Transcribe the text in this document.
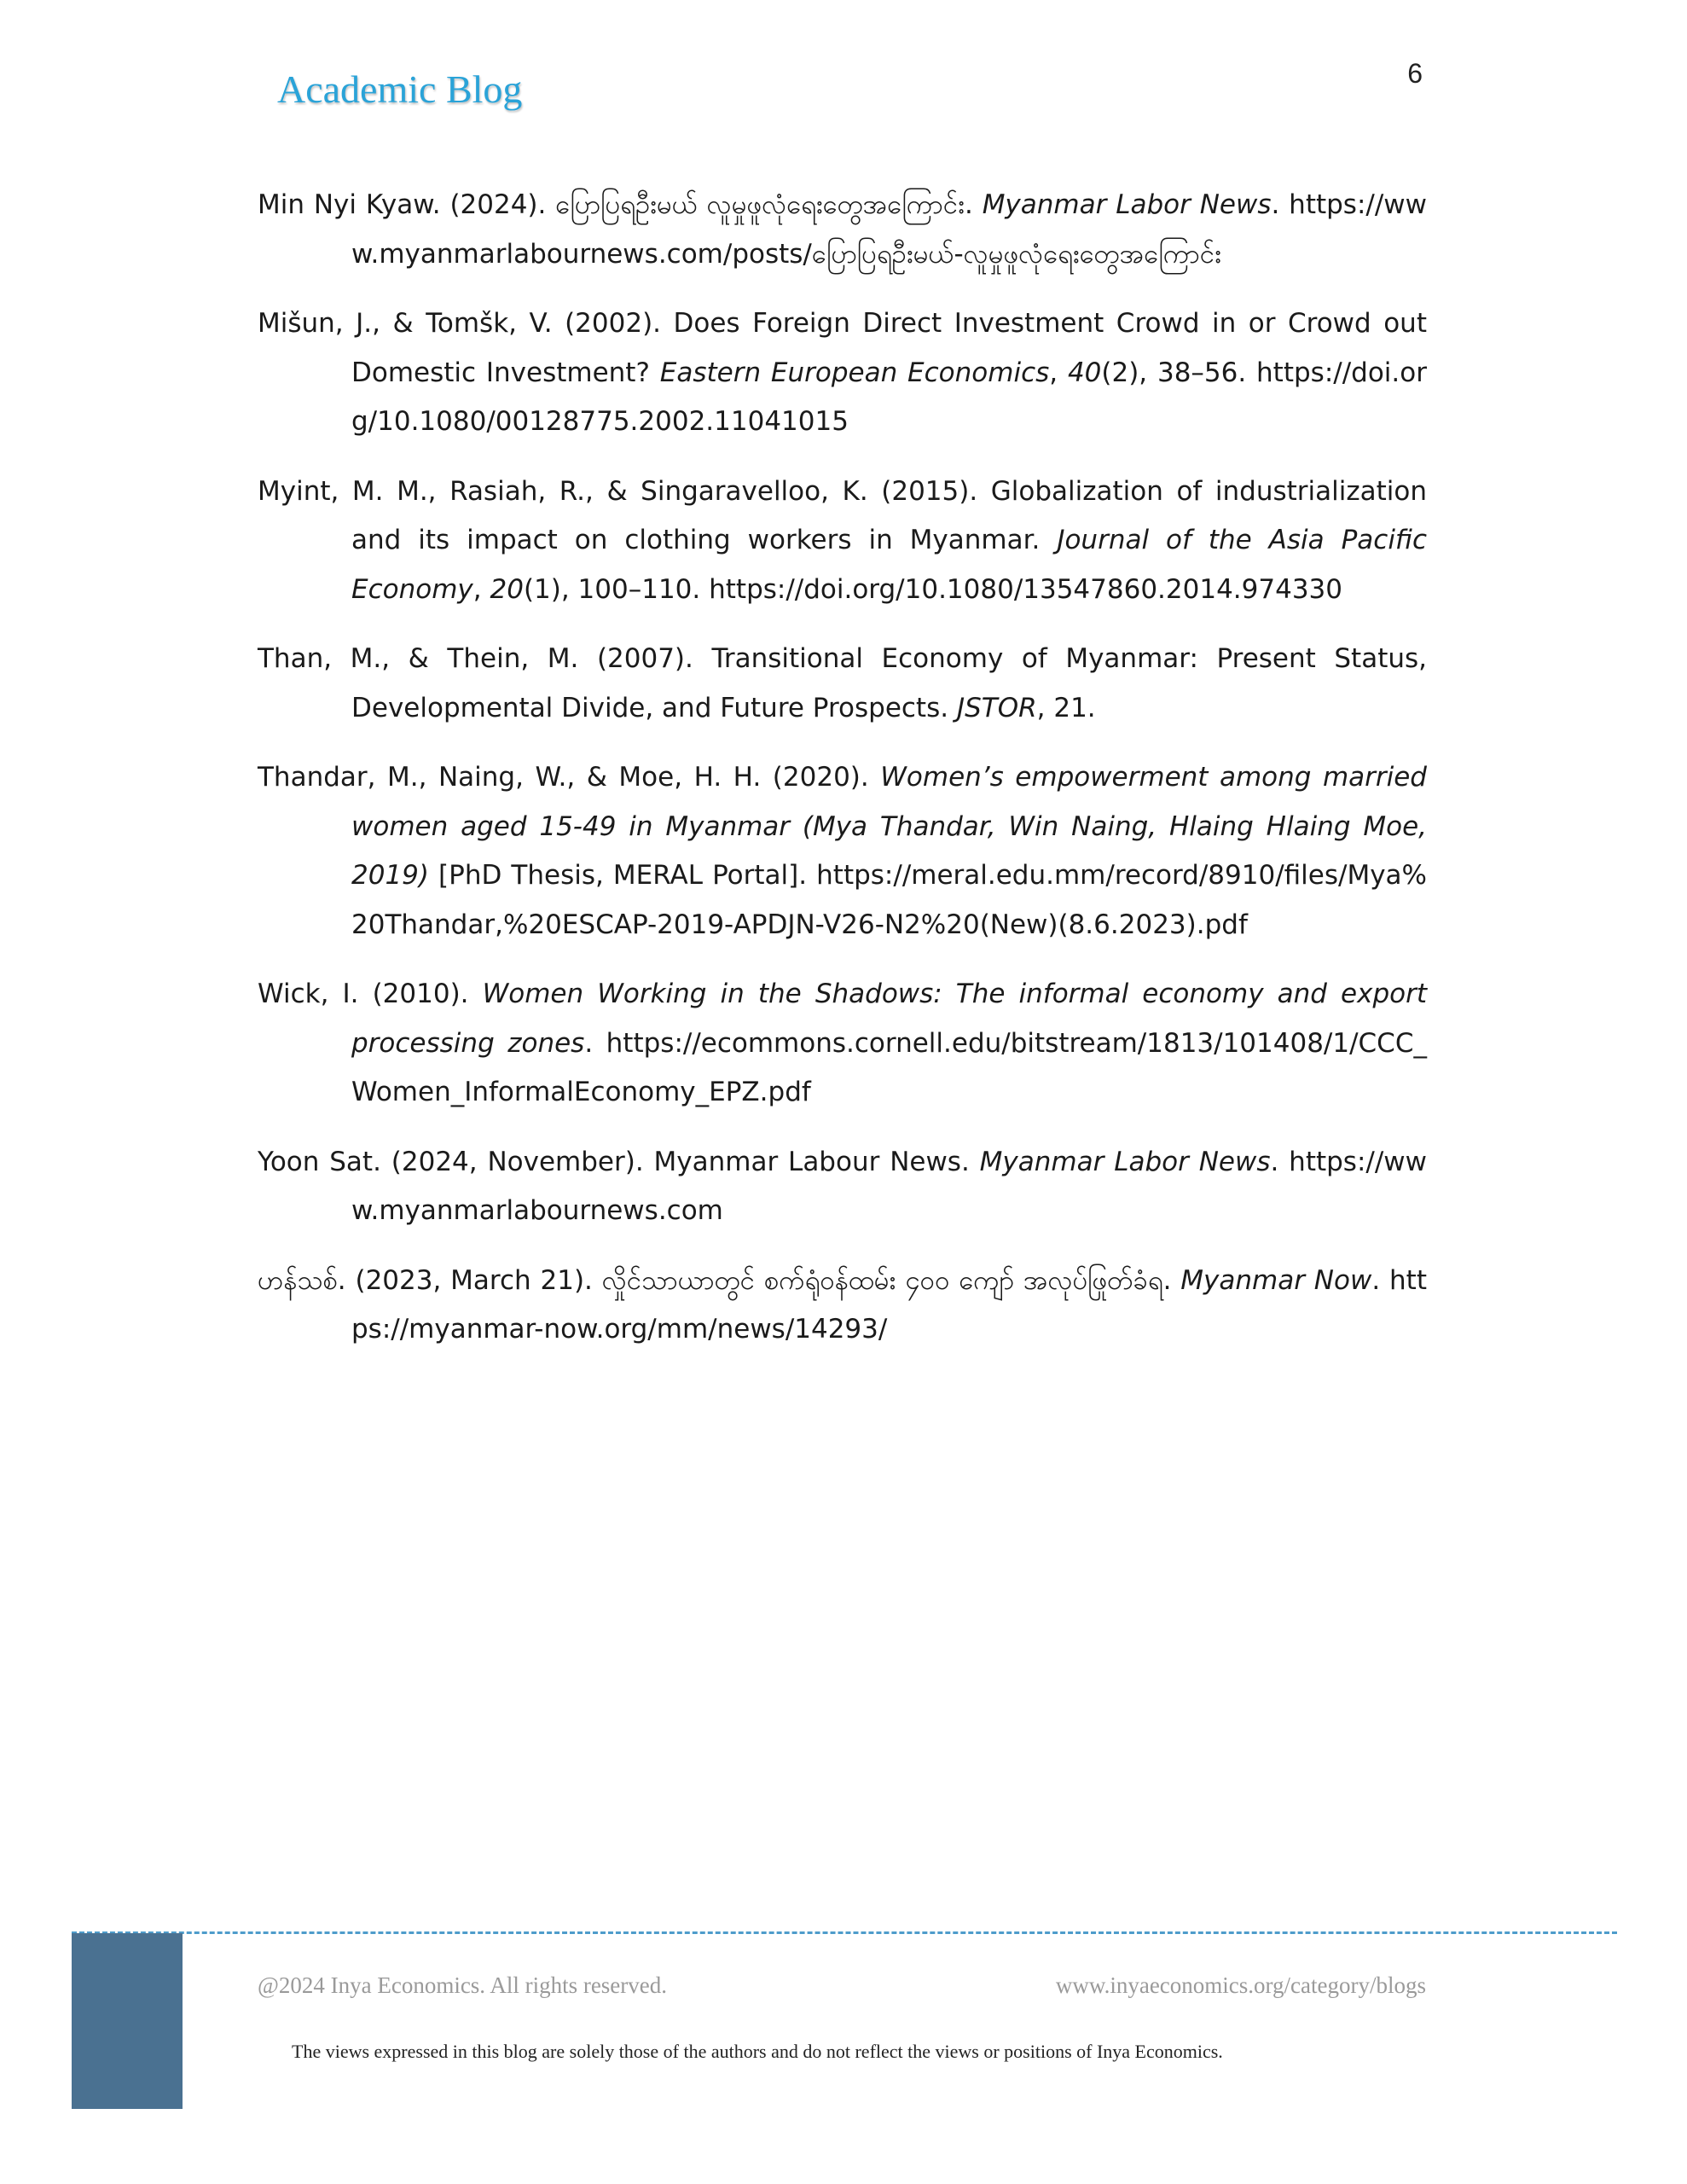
Academic Blog	6

Min Nyi Kyaw. (2024). ပြောပြရဦးမယ် လူမှုဖူလုံရေးတွေအကြောင်း. Myanmar Labor News. https://www.myanmarlabournews.com/posts/ပြောပြရဦးမယ်-လူမှုဖူလုံရေးတွေအကြောင်း

Mišun, J., & Tomšk, V. (2002). Does Foreign Direct Investment Crowd in or Crowd out Domestic Investment? Eastern European Economics, 40(2), 38–56. https://doi.org/10.1080/00128775.2002.11041015

Myint, M. M., Rasiah, R., & Singaravelloo, K. (2015). Globalization of industrialization and its impact on clothing workers in Myanmar. Journal of the Asia Pacific Economy, 20(1), 100–110. https://doi.org/10.1080/13547860.2014.974330

Than, M., & Thein, M. (2007). Transitional Economy of Myanmar: Present Status, Developmental Divide, and Future Prospects. JSTOR, 21.

Thandar, M., Naing, W., & Moe, H. H. (2020). Women’s empowerment among married women aged 15-49 in Myanmar (Mya Thandar, Win Naing, Hlaing Hlaing Moe, 2019) [PhD Thesis, MERAL Portal]. https://meral.edu.mm/record/8910/files/Mya%20Thandar,%20ESCAP-2019-APDJN-V26-N2%20(New)(8.6.2023).pdf

Wick, I. (2010). Women Working in the Shadows: The informal economy and export processing zones. https://ecommons.cornell.edu/bitstream/1813/101408/1/CCC_Women_InformalEconomy_EPZ.pdf

Yoon Sat. (2024, November). Myanmar Labour News. Myanmar Labor News. https://www.myanmarlabournews.com

ဟန်သစ်. (2023, March 21). လှိုင်သာယာတွင် စက်ရုံဝန်ထမ်း ၄၀၀ ကျော် အလုပ်ဖြုတ်ခံရ. Myanmar Now. https://myanmar-now.org/mm/news/14293/

@2024 Inya Economics. All rights reserved.	www.inyaeconomics.org/category/blogs
The views expressed in this blog are solely those of the authors and do not reflect the views or positions of Inya Economics.
